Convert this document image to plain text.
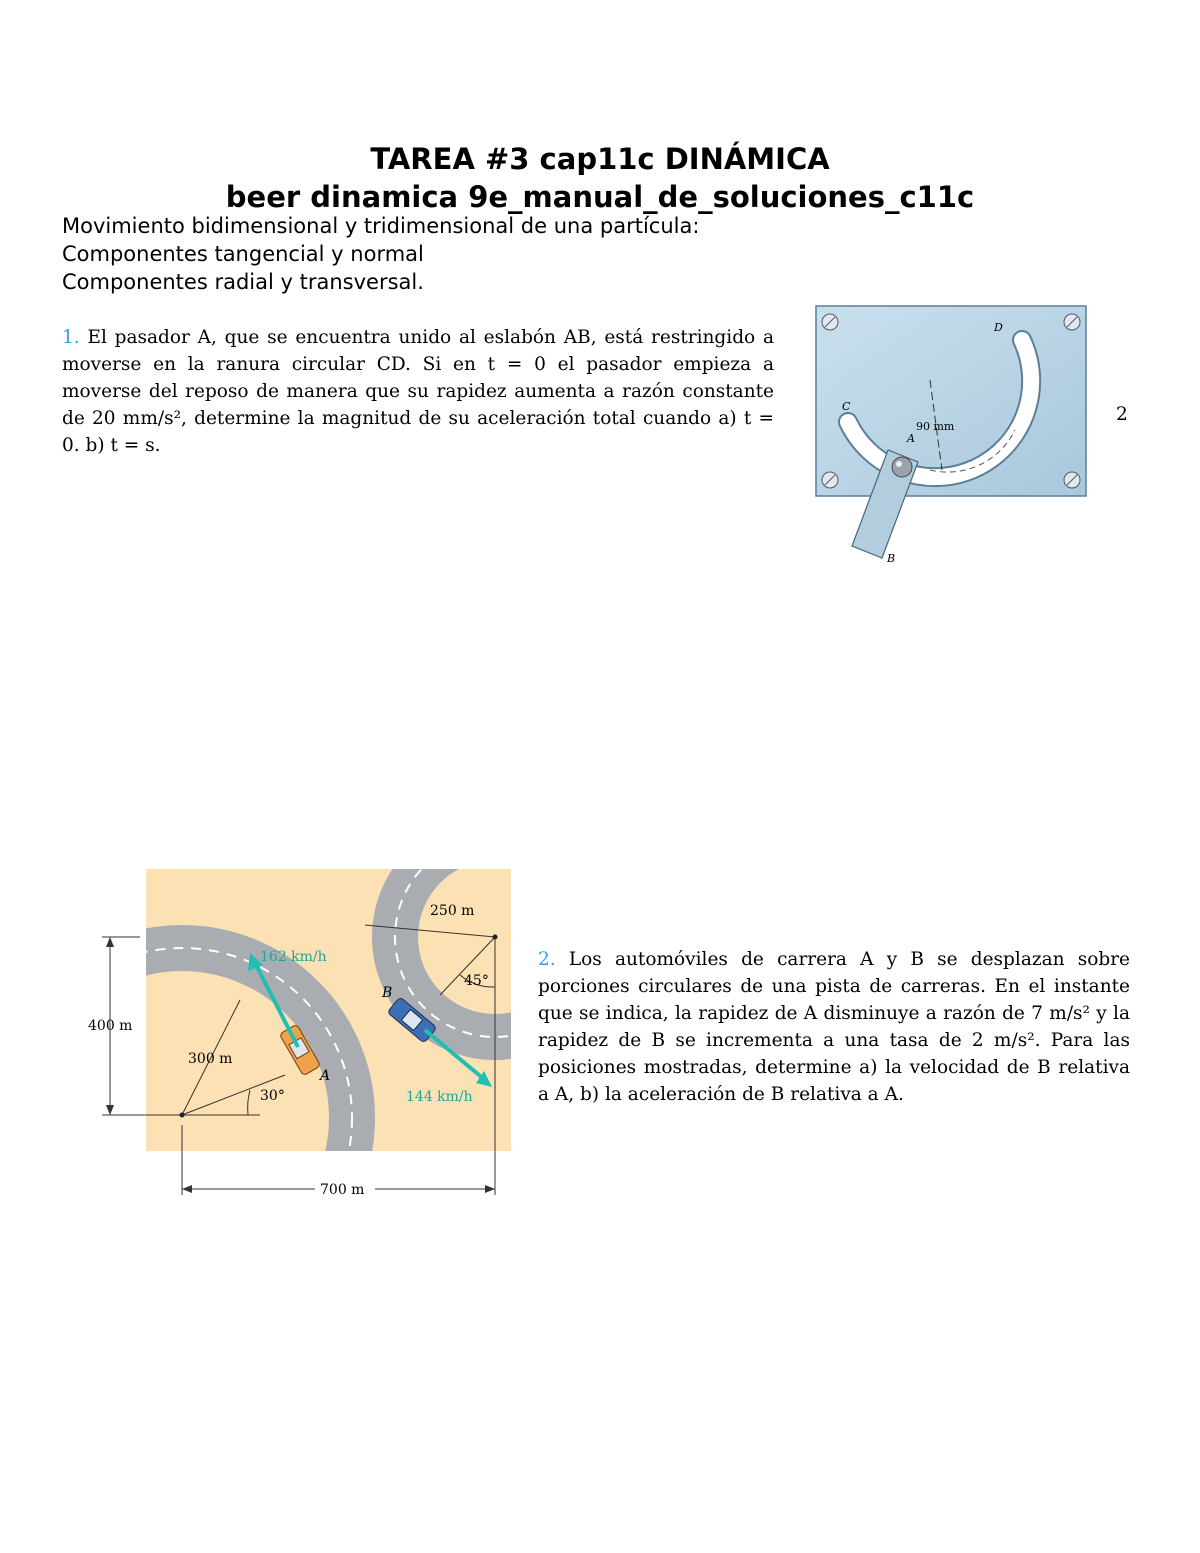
TAREA #3 cap11c DINÁMICA
beer dinamica 9e_manual_de_soluciones_c11c
Movimiento bidimensional y tridimensional de una partícula:
Componentes tangencial y normal
Componentes radial y transversal.
1. El pasador A, que se encuentra unido al eslabón AB, está restringido a moverse en la ranura circular CD. Si en t = 0 el pasador empieza a moverse del reposo de manera que su rapidez aumenta a razón constante de 20 mm/s², determine la magnitud de su aceleración total cuando a) t = 0. b) t = s.
2
C
D
A
B
90 mm
400 m
700 m
250 m
162 km/h
45°
B
300 m
A
30°	144 km/h
2. Los automóviles de carrera A y B se desplazan sobre porciones circulares de una pista de carreras. En el instante que se indica, la rapidez de A disminuye a razón de 7 m/s² y la rapidez de B se incrementa a una tasa de 2 m/s². Para las posiciones mostradas, determine a) la velocidad de B relativa a A, b) la aceleración de B relativa a A.
